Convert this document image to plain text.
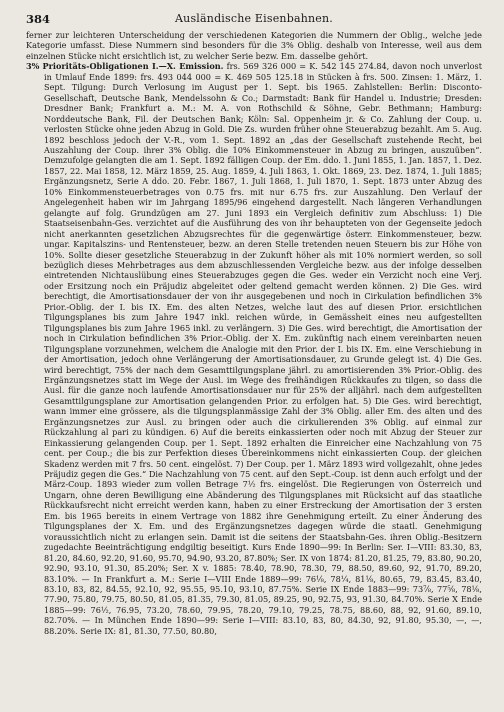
384	Ausländische Eisenbahnen.

ferner zur leichteren Unterscheidung der verschiedenen Kategorien die Nummern der Oblig., welche jede Kategorie umfasst. Diese Nummern sind besonders für die 3% Oblig. deshalb von Interesse, weil aus dem einzelnen Stücke nicht ersichtlich ist, zu welcher Serie bezw. Em. dasselbe gehört.

3% Prioritäts-Obligationen I.—X. Emission. frs. 569 326 000 = K. 542 145 274.84, davon noch unverlost in Umlauf Ende 1899: frs. 493 044 000 = K. 469 505 125.18 in Stücken à frs. 500. Zinsen: 1. März, 1. Sept. Tilgung: Durch Verlosung im August per 1. Sept. bis 1965. Zahlstellen: Berlin: Disconto-Gesellschaft, Deutsche Bank, Mendelssohn & Co.; Darmstadt: Bank für Handel u. Industrie; Dresden: Dresdner Bank; Frankfurt a. M.: M. A. von Rothschild & Söhne, Gebr. Bethmann; Hamburg: Norddeutsche Bank, Fil. der Deutschen Bank; Köln: Sal. Oppenheim jr. & Co. Zahlung der Coup. u. verlosten Stücke ohne jeden Abzug in Gold. Die Zs. wurden früher ohne Steuerabzug bezahlt. Am 5. Aug. 1892 beschloss jedoch der V.-R., vom 1. Sept. 1892 an „das der Gesellschaft zustehende Recht, bei Auszahlung der Coup. ihrer 3% Oblig. die 10% Einkommensteuer in Abzug zu bringen, auszuüben“. Demzufolge gelangten die am 1. Sept. 1892 fälligen Coup. der Em. ddo. 1. Juni 1855, 1. Jan. 1857, 1. Dez. 1857, 22. Mai 1858, 12. März 1859, 25. Aug. 1859, 4. Juli 1863, 1. Okt. 1869, 23. Dez. 1874, 1. Juli 1885; Ergänzungsnetz, Serie A ddo. 20. Febr. 1867, 1. Juli 1868, 1. Juli 1870, 1. Sept. 1873 unter Abzug des 10% Einkommensteuerbetrages von 0.75 frs. mit nur 6.75 frs. zur Auszahlung. Den Verlauf der Angelegenheit haben wir im Jahrgang 1895/96 eingehend dargestellt. Nach längeren Verhandlungen gelangte auf folg. Grundzügen am 27. Juni 1893 ein Vergleich definitiv zum Abschluss: 1) Die Staatseisenbahn-Ges. verzichtet auf die Ausführung des von ihr behaupteten von der Gegenseite jedoch nicht anerkannten gesetzlichen Abzugsrechtes für die gegenwärtige österr. Einkommensteuer, bezw. ungar. Kapitalszins- und Rentensteuer, bezw. an deren Stelle tretenden neuen Steuern bis zur Höhe von 10%. Sollte dieser gesetzliche Steuerabzug in der Zukunft höher als mit 10% normiert werden, so soll bezüglich dieses Mehrbetrages aus dem abzuschliessenden Vergleiche bezw. aus der infolge desselben eintretenden Nichtauslübung eines Steuerabzuges gegen die Ges. weder ein Verzicht noch eine Verj. oder Ersitzung noch ein Präjudiz abgeleitet oder geltend gemacht werden können. 2) Die Ges. wird berechtigt, die Amortisationsdauer der von ihr ausgegebenen und noch in Cirkulation befindlichen 3% Prior.-Oblig. der I. bis IX. Em. des alten Netzes, welche laut des auf diesen Prior. ersichtlichen Tilgungsplanes bis zum Jahre 1947 inkl. reichen würde, in Gemässheit eines neu aufgestellten Tilgungsplanes bis zum Jahre 1965 inkl. zu verlängern. 3) Die Ges. wird berechtigt, die Amortisation der noch in Cirkulation befindlichen 3% Prior.-Oblig. der X. Em. zukünftig nach einem vereinbarten neuen Tilgungsplane vorzunehmen, welchem die Analogie mit den Prior. der I. bis IX. Em. eine Verschiebung in der Amortisation, jedoch ohne Verlängerung der Amortisationsdauer, zu Grunde gelegt ist. 4) Die Ges. wird berechtigt, 75% der nach dem Gesamttilgungsplane jährl. zu amortisierenden 3% Prior.-Oblig. des Ergänzungsnetzes statt im Wege der Ausl. im Wege des freihändigen Rückkaufes zu tilgen, so dass die Ausl. für die ganze noch laufende Amortisationsdauer nur für 25% der alljährl. nach dem aufgestellten Gesamttilgungsplane zur Amortisation gelangenden Prior. zu erfolgen hat. 5) Die Ges. wird berechtigt, wann immer eine grössere, als die tilgungsplanmässige Zahl der 3% Oblig. aller Em. des alten und des Ergänzungsnetzes zur Ausl. zu bringen oder auch die cirkulierenden 3% Oblig. auf einmal zur Rückzahlung al pari zu kündigen. 6) Auf die bereits einkassierten oder noch mit Abzug der Steuer zur Einkassierung gelangenden Coup. per 1. Sept. 1892 erhalten die Einreicher eine Nachzahlung von 75 cent. per Coup.; die bis zur Perfektion dieses Übereinkommens nicht einkassierten Coup. der gleichen Skadenz werden mit 7 frs. 50 cent. eingelöst. 7) Der Coup. per 1. März 1893 wird vollgezahlt, ohne jedes Präjudiz gegen die Ges.“ Die Nachzahlung von 75 cent. auf den Sept.-Coup. ist denn auch erfolgt und der März-Coup. 1893 wieder zum vollen Betrage 7½ frs. eingelöst. Die Regierungen von Österreich und Ungarn, ohne deren Bewilligung eine Abänderung des Tilgungsplanes mit Rücksicht auf das staatliche Rückkaufsrecht nicht erreicht werden kann, haben zu einer Erstreckung der Amortisation der 3 ersten Em. bis 1965 bereits in einem Vertrage von 1882 ihre Genehmigung erteilt. Zu einer Änderung des Tilgungsplanes der X. Em. und des Ergänzungsnetzes dagegen würde die staatl. Genehmigung voraussichtlich nicht zu erlangen sein. Damit ist die seitens der Staatsbahn-Ges. ihren Oblig.-Besitzern zugedachte Beeinträchtigung endgiltig beseitigt. Kurs Ende 1890—99: In Berlin: Ser. I—VIII: 83.30, 83, 81.20, 84.60, 92.20, 91.60, 95.70, 94.90, 93.20, 87.80%; Ser. IX von 1874: 81.20, 81.25, 79, 83.80, 90.20, 92.90, 93.10, 91.30, 85.20%; Ser. X v. 1885: 78.40, 78.90, 78.30, 79, 88.50, 89.60, 92, 91.70, 89.20, 83.10%. — In Frankfurt a. M.: Serie I—VIII Ende 1889—99: 76⅛, 78¼, 81⅛, 80.65, 79, 83.45, 83.40, 83.10, 83, 82, 84.55, 92.10, 92, 95.55, 95.10, 93.10, 87.75%. Serie IX Ende 1883—99: 73⅞, 77⅝, 78⅛, 77.90, 75.80, 79.75, 80.50, 81.05, 81.35, 79.30, 81.05, 89.25, 90, 92.75, 93, 91.30, 84.70%. Serie X Ende 1885—99: 76½, 76.95, 73.20, 78.60, 79.95, 78.20, 79.10, 79.25, 78.75, 88.60, 88, 92, 91.60, 89.10, 82.70%. — In München Ende 1890—99: Serie I—VIII: 83.10, 83, 80, 84.30, 92, 91.80, 95.30, —, —, 88.20%. Serie IX: 81, 81.30, 77.50, 80.80,
